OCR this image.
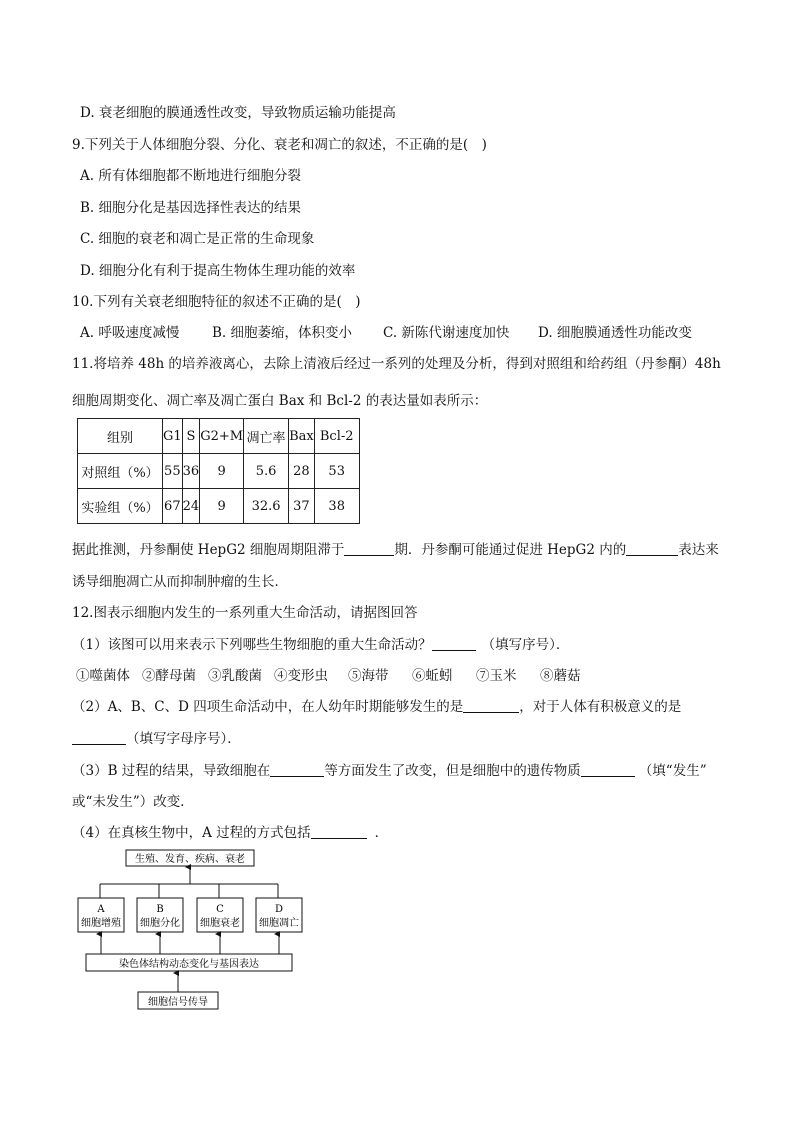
D. 衰老细胞的膜通透性改变，导致物质运输功能提高
9.下列关于人体细胞分裂、分化、衰老和凋亡的叙述，不正确的是(　)
A. 所有体细胞都不断地进行细胞分裂
B. 细胞分化是基因选择性表达的结果
C. 细胞的衰老和凋亡是正常的生命现象
D. 细胞分化有利于提高生物体生理功能的效率
10.下列有关衰老细胞特征的叙述不正确的是(　)
A. 呼吸速度减慢 B. 细胞萎缩，体积变小 C. 新陈代谢速度加快 D. 细胞膜通透性功能改变
11.将培养 48h 的培养液离心，去除上清液后经过一系列的处理及分析，得到对照组和给药组（丹参酮）48h
细胞周期变化、凋亡率及凋亡蛋白 Bax 和 Bcl-2 的表达量如表所示：
组别	G1	S	G2+M	凋亡率	Bax	Bcl-2
对照组（%）	55	36	9	5.6	28	53
实验组（%）	67	24	9	32.6	37	38
据此推测，丹参酮使 HepG2 细胞周期阻滞于	期．丹参酮可能通过促进 HepG2 内的	表达来
诱导细胞凋亡从而抑制肿瘤的生长．
12.图表示细胞内发生的一系列重大生命活动，请据图回答
（1）该图可以用来表示下列哪些生物细胞的重大生命活动？	（填写序号）．
①噬菌体 ②酵母菌 ③乳酸菌 ④变形虫 ⑤海带 ⑥蚯蚓 ⑦玉米 ⑧蘑菇
（2）A、B、C、D 四项生命活动中，在人幼年时期能够发生的是	，对于人体有积极意义的是
（填写字母序号）．
（3）B 过程的结果，导致细胞在	等方面发生了改变，但是细胞中的遗传物质	（填“发生”
或“未发生”）改变．
（4）在真核生物中，A 过程的方式包括	．
生殖、发育、疾病、衰老
A
细胞增殖
B
细胞分化
C
细胞衰老
D
细胞凋亡
染色体结构动态变化与基因表达
细胞信号传导
